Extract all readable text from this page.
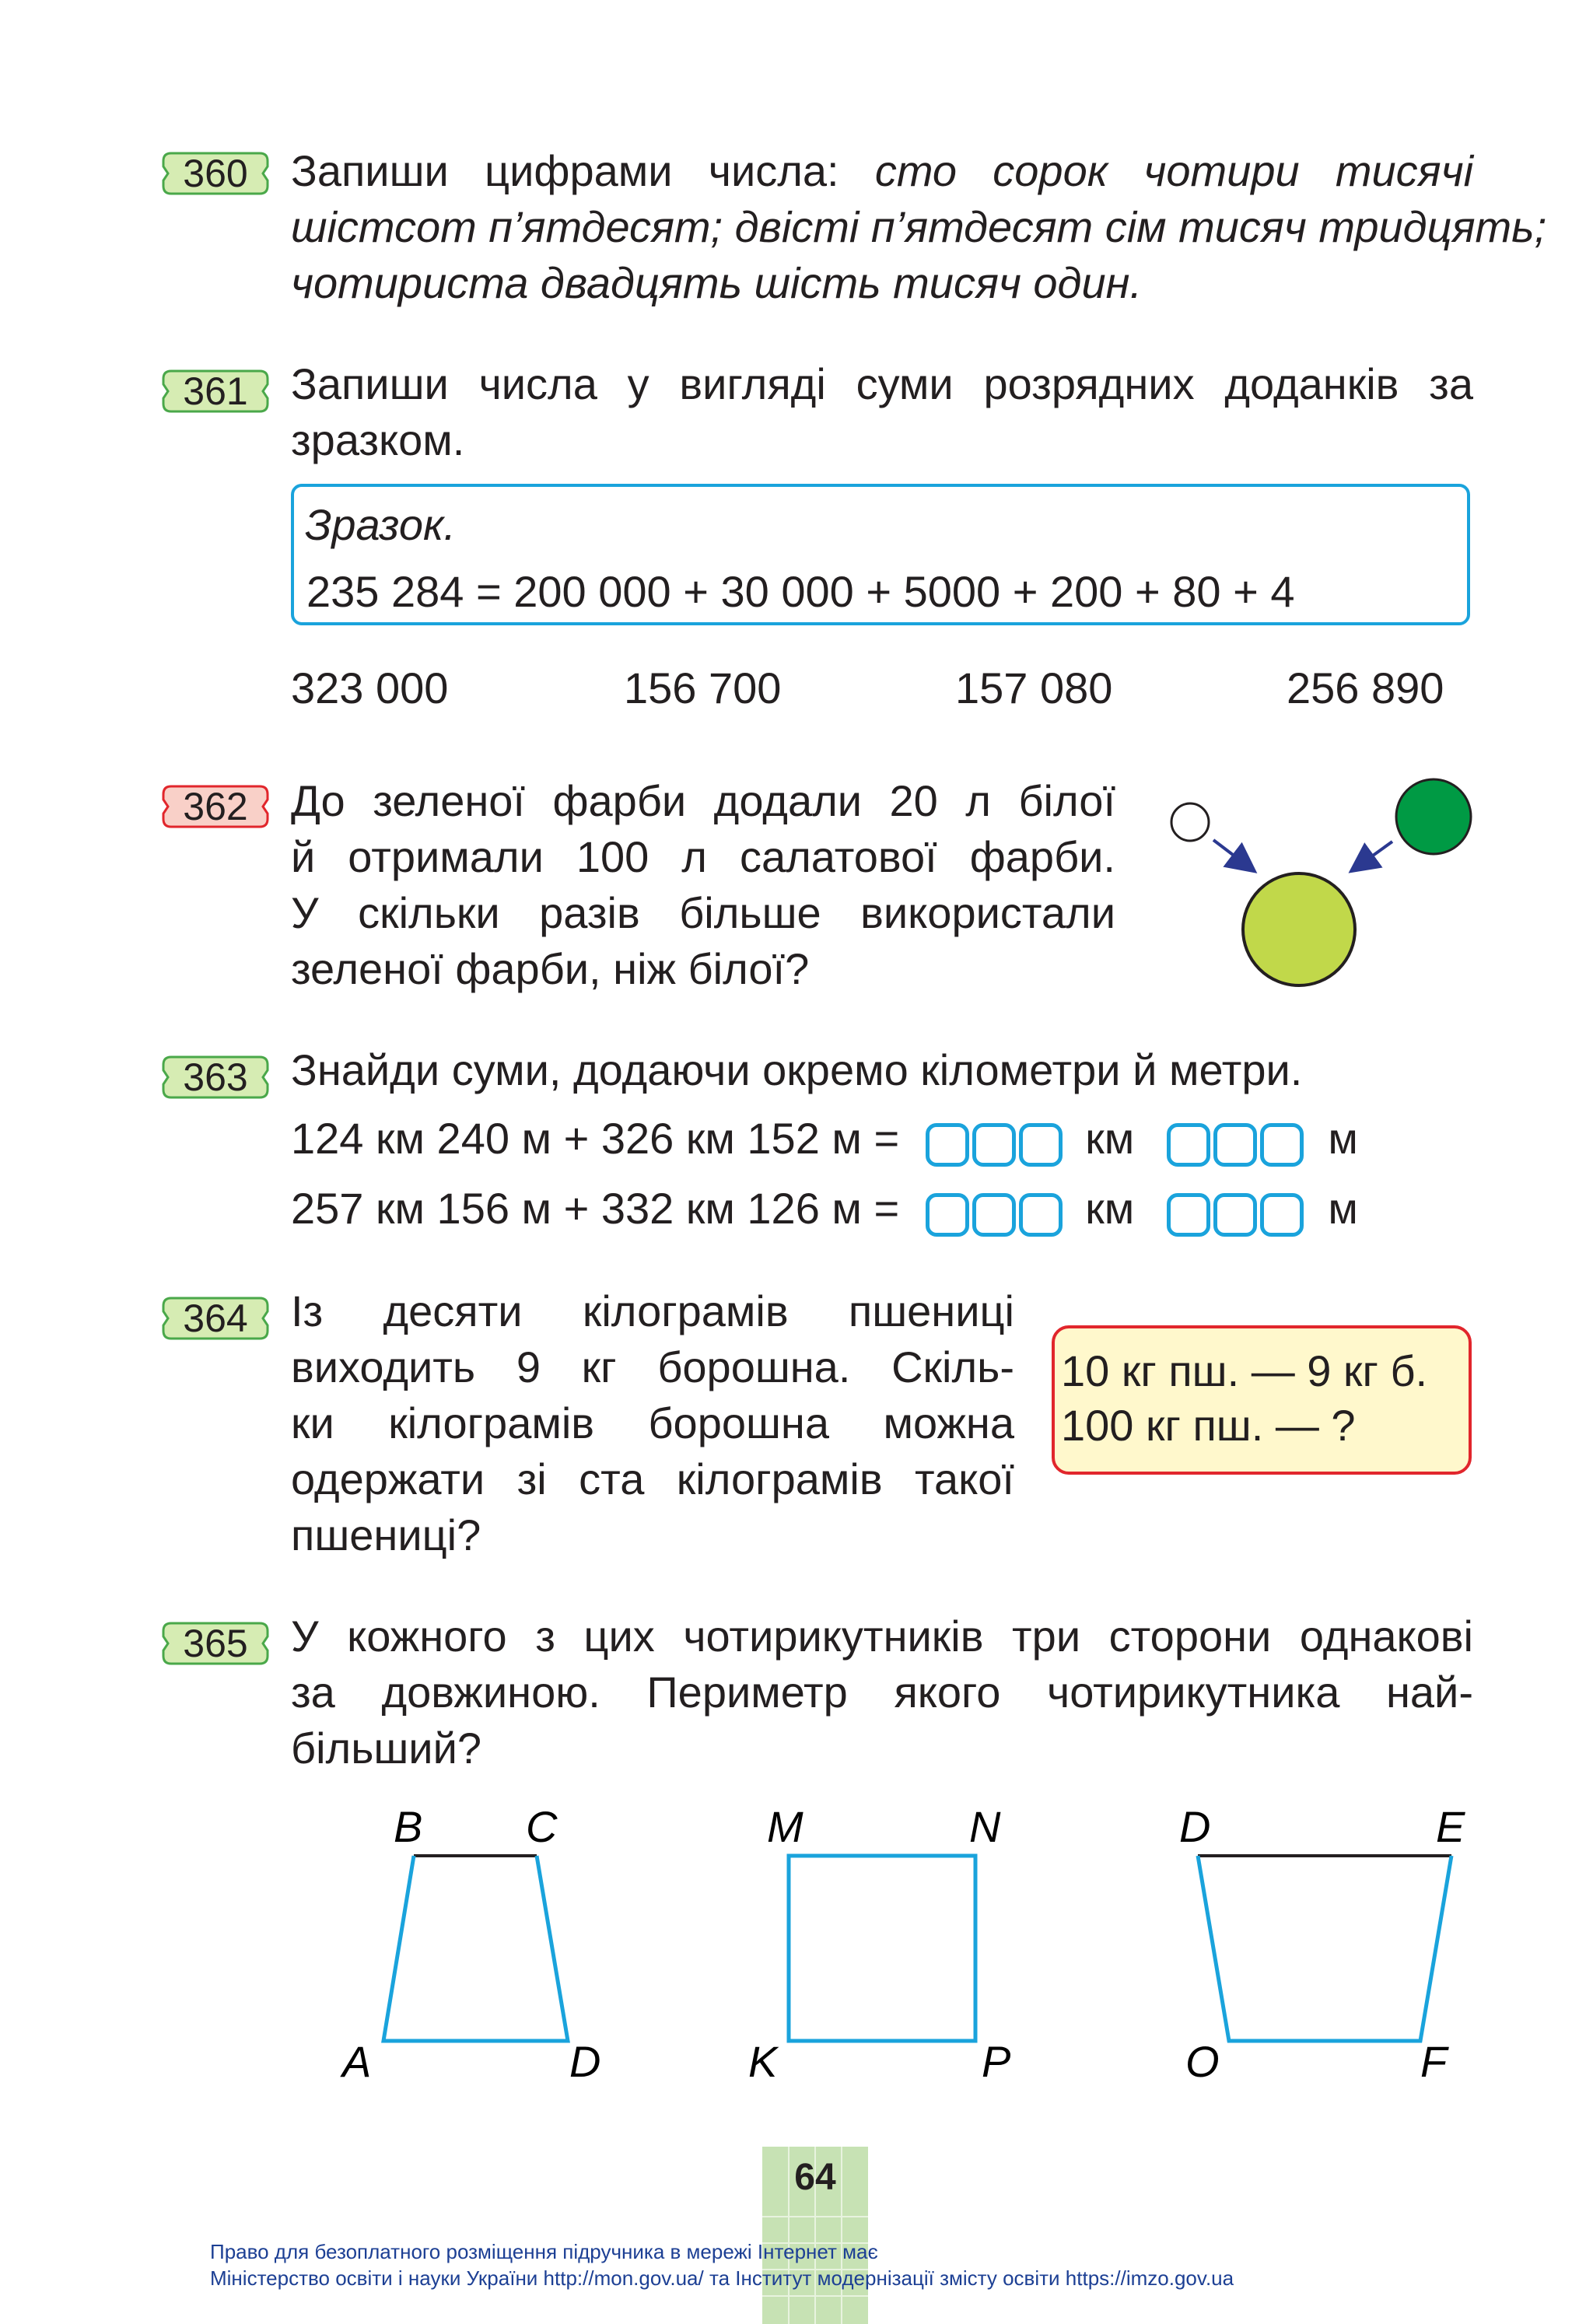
360 Запиши цифрами числа: сто сорок чотири тисячі
шістсот п’ятдесят; двісті п’ятдесят сім тисяч тридцять;
чотириста двадцять шість тисяч один.
361 Запиши числа у вигляді суми розрядних доданків за
зразком.
Зразок.
235 284 = 200 000 + 30 000 + 5000 + 200 + 80 + 4
323 000	156 700	157 080	256 890
362 До зеленої фарби додали 20 л білої
й отримали 100 л салатової фарби.
У скільки разів більше використали
зеленої фарби, ніж білої?
363 Знайди суми, додаючи окремо кілометри й метри.
124 км 240 м + 326 км 152 м =	км	м
257 км 156 м + 332 км 126 м =	км	м
364 Із десяти кілограмів пшениці
виходить 9 кг борошна. Скіль-
ки кілограмів борошна можна
одержати зі ста кілограмів такої
пшениці?
10 кг пш. — 9 кг б.
100 кг пш. — ?
365 У кожного з цих чотирикутників три сторони однакові
за довжиною. Периметр якого чотирикутника най-
більший?
B C
A	D
M	N
K	P
D	E
O	F
64
Право для безоплатного розміщення підручника в мережі Інтернет має
Міністерство освіти і науки України http://mon.gov.ua/ та Інститут модернізації змісту освіти https://imzo.gov.ua
